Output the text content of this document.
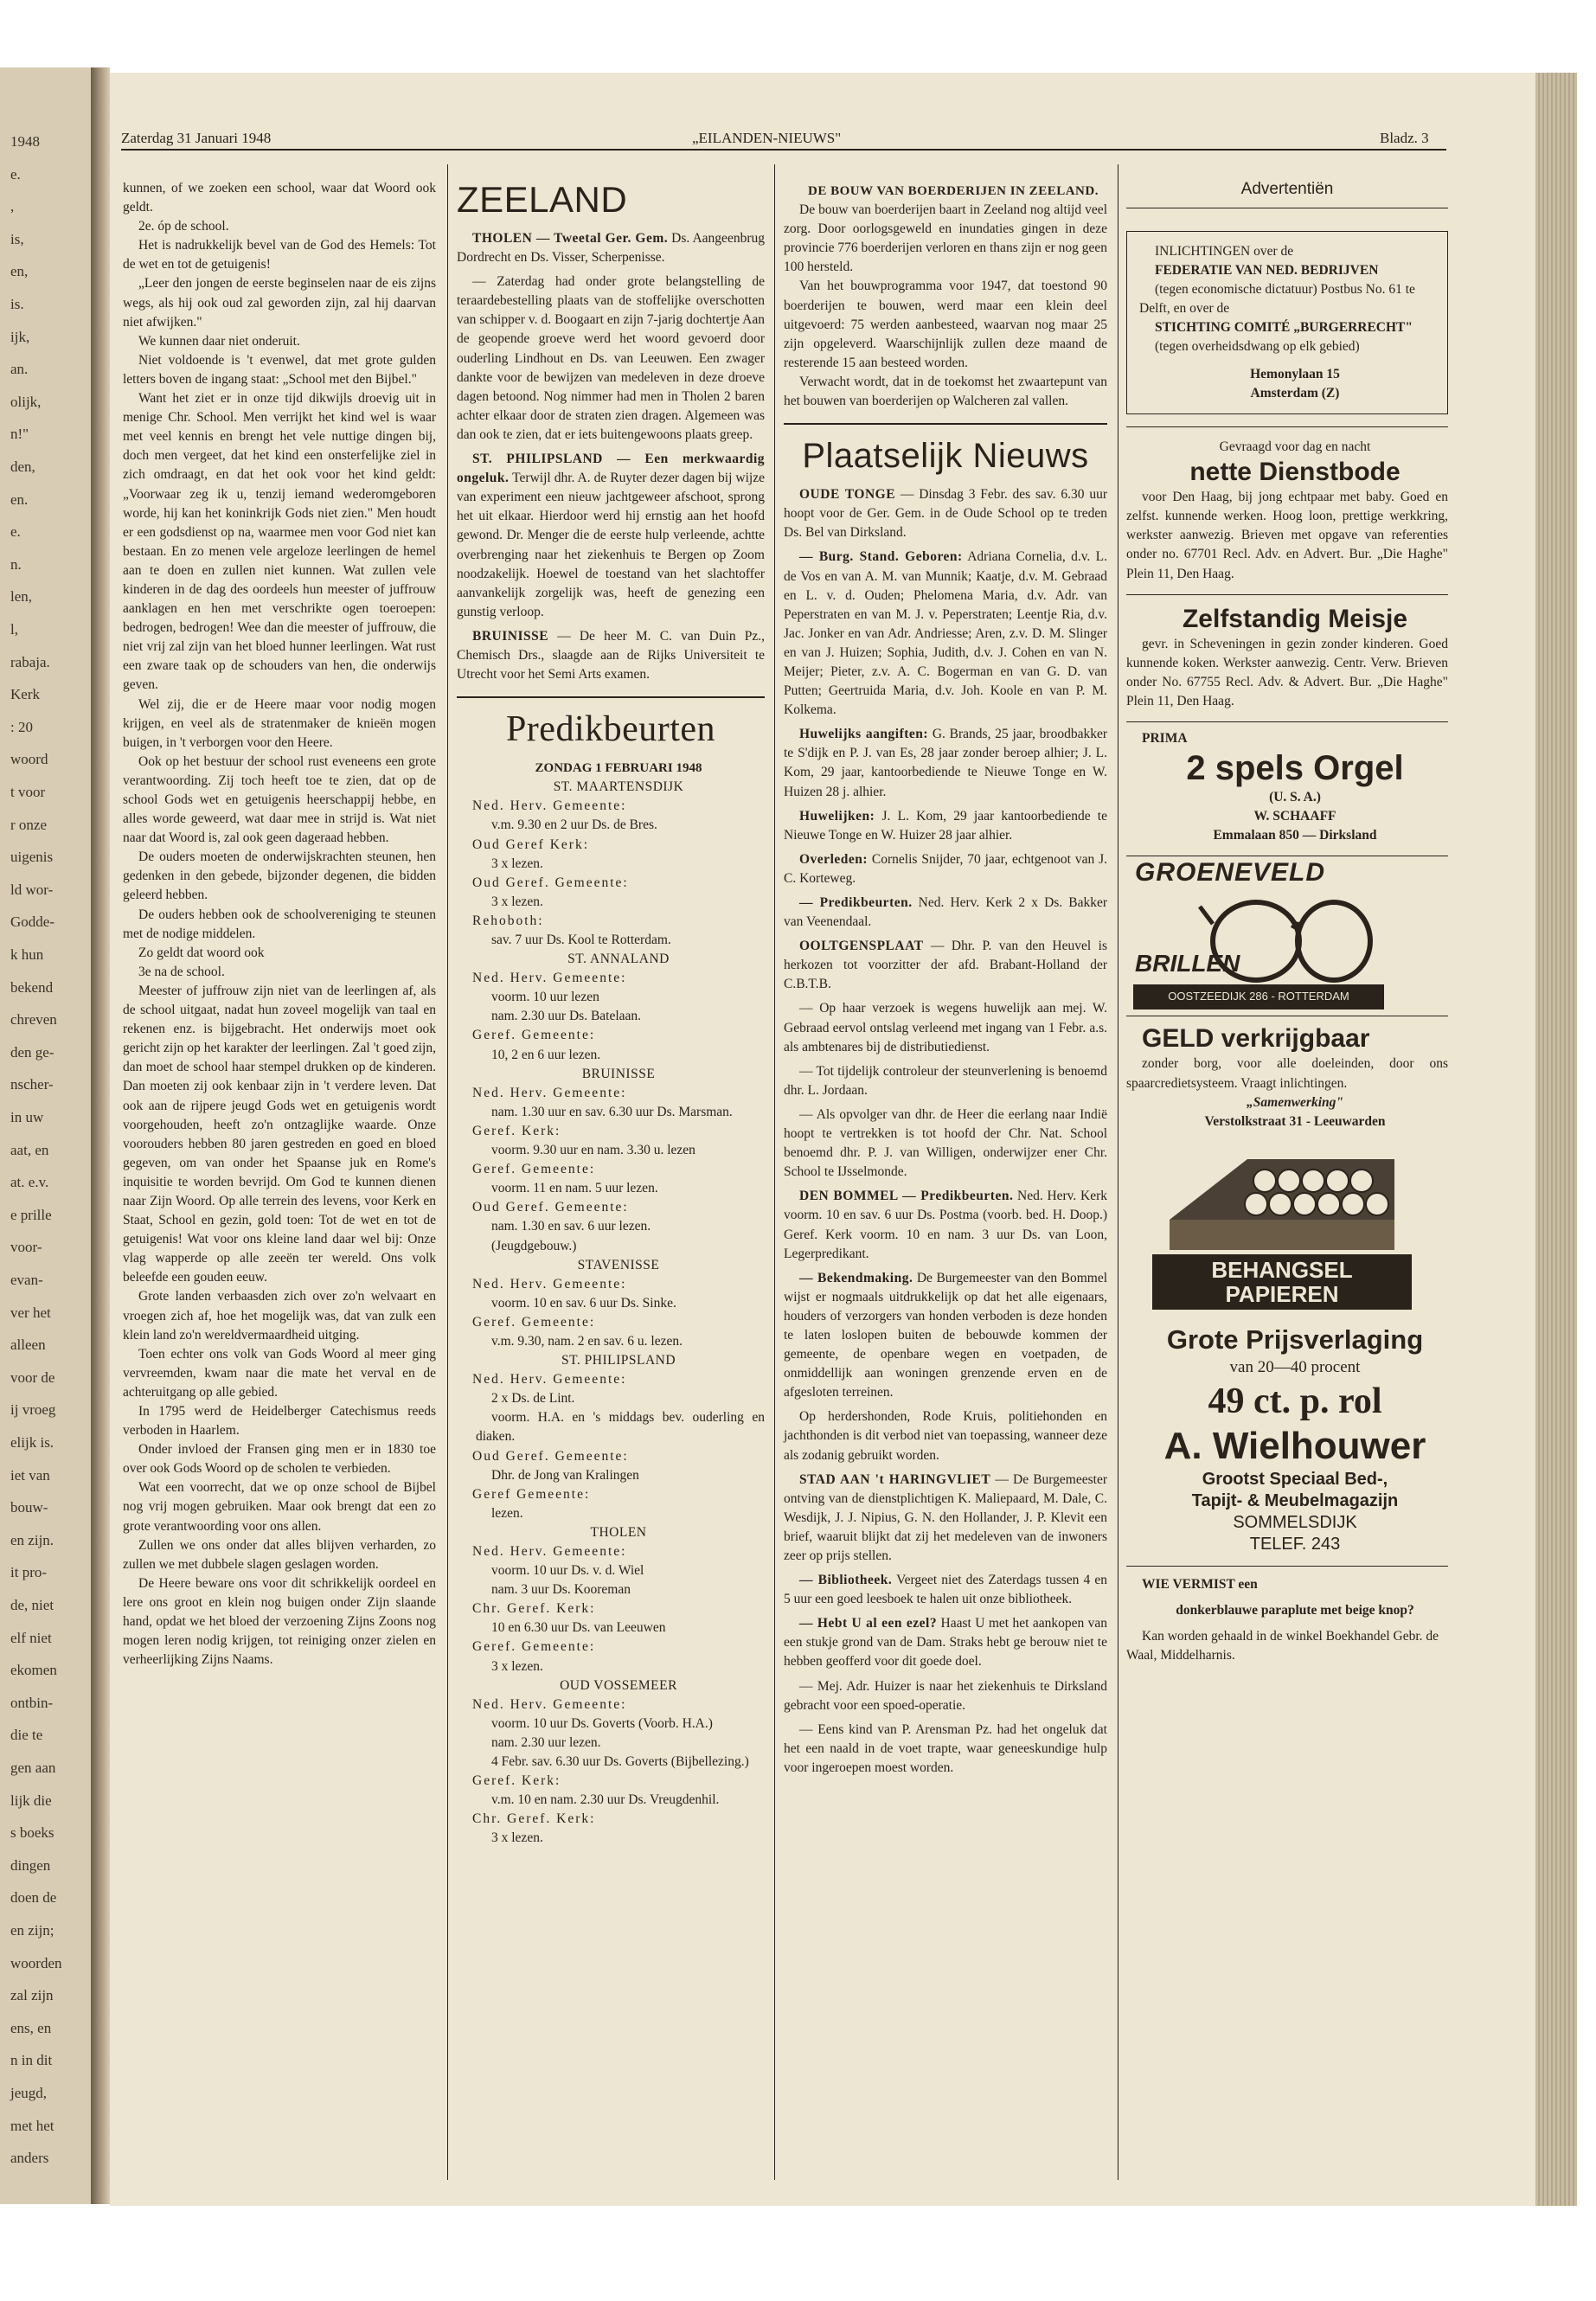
1948
e.
,
is,
en,
is.
ijk,
an.
olijk,
n!"
den,
en.
e.
n.
len,
l,
rabaja.
Kerk
: 20
woord
t voor
r onze
uigenis
ld wor-
Godde-
k hun
bekend
chreven
den ge-
nscher-
in uw
aat, en
at. e.v.
e prille
voor-
evan-
ver het
alleen
voor de
ij vroeg
elijk is.
iet van
bouw-
en zijn.
it pro-
de, niet
elf niet
ekomen
ontbin-
die te
gen aan
lijk die
s boeks
dingen
doen de
en zijn;
woorden
zal zijn
ens, en
n in dit
jeugd,
met het
anders
Zaterdag 31 Januari 1948	„EILANDEN-NIEUWS"	Bladz. 3

kunnen, of we zoeken een school, waar dat Woord ook geldt.

2e. óp de school.

Het is nadrukkelijk bevel van de God des Hemels: Tot de wet en tot de getuigenis!

„Leer den jongen de eerste beginselen naar de eis zijns wegs, als hij ook oud zal geworden zijn, zal hij daarvan niet afwijken."

We kunnen daar niet onderuit.

Niet voldoende is 't evenwel, dat met grote gulden letters boven de ingang staat: „School met den Bijbel."

Want het ziet er in onze tijd dikwijls droevig uit in menige Chr. School. Men verrijkt het kind wel is waar met veel kennis en brengt het vele nuttige dingen bij, doch men vergeet, dat het kind een onsterfelijke ziel in zich omdraagt, en dat het ook voor het kind geldt: „Voorwaar zeg ik u, tenzij iemand wederomgeboren worde, hij kan het koninkrijk Gods niet zien." Men houdt er een godsdienst op na, waarmee men voor God niet kan bestaan. En zo menen vele argeloze leerlingen de hemel aan te doen en zullen niet kunnen. Wat zullen vele kinderen in de dag des oordeels hun meester of juffrouw aanklagen en hen met verschrikte ogen toeroepen: bedrogen, bedrogen! Wee dan die meester of juffrouw, die niet vrij zal zijn van het bloed hunner leerlingen. Wat rust een zware taak op de schouders van hen, die onderwijs geven.

Wel zij, die er de Heere maar voor nodig mogen krijgen, en veel als de stratenmaker de knieën mogen buigen, in 't verborgen voor den Heere.

Ook op het bestuur der school rust eveneens een grote verantwoording. Zij toch heeft toe te zien, dat op de school Gods wet en getuigenis heerschappij hebbe, en alles worde geweerd, wat daar mee in strijd is. Wat niet naar dat Woord is, zal ook geen dageraad hebben.

De ouders moeten de onderwijskrachten steunen, hen gedenken in den gebede, bijzonder degenen, die bidden geleerd hebben.

De ouders hebben ook de schoolvereniging te steunen met de nodige middelen.

Zo geldt dat woord ook

3e na de school.

Meester of juffrouw zijn niet van de leerlingen af, als de school uitgaat, nadat hun zoveel mogelijk van taal en rekenen enz. is bijgebracht. Het onderwijs moet ook gericht zijn op het karakter der leerlingen. Zal 't goed zijn, dan moet de school haar stempel drukken op de kinderen. Dan moeten zij ook kenbaar zijn in 't verdere leven. Dat ook aan de rijpere jeugd Gods wet en getuigenis wordt voorgehouden, heeft zo'n ontzaglijke waarde. Onze voorouders hebben 80 jaren gestreden en goed en bloed gegeven, om van onder het Spaanse juk en Rome's inquisitie te worden bevrijd. Om God te kunnen dienen naar Zijn Woord. Op alle terrein des levens, voor Kerk en Staat, School en gezin, gold toen: Tot de wet en tot de getuigenis! Wat voor ons kleine land daar wel bij: Onze vlag wapperde op alle zeeën ter wereld. Ons volk beleefde een gouden eeuw.

Grote landen verbaasden zich over zo'n welvaart en vroegen zich af, hoe het mogelijk was, dat van zulk een klein land zo'n wereldvermaardheid uitging.

Toen echter ons volk van Gods Woord al meer ging vervreemden, kwam naar die mate het verval en de achteruitgang op alle gebied.

In 1795 werd de Heidelberger Catechismus reeds verboden in Haarlem.

Onder invloed der Fransen ging men er in 1830 toe over ook Gods Woord op de scholen te verbieden.

Wat een voorrecht, dat we op onze school de Bijbel nog vrij mogen gebruiken. Maar ook brengt dat een zo grote verantwoording voor ons allen.

Zullen we ons onder dat alles blijven verharden, zo zullen we met dubbele slagen geslagen worden.

De Heere beware ons voor dit schrikkelijk oordeel en lere ons groot en klein nog buigen onder Zijn slaande hand, opdat we het bloed der verzoening Zijns Zoons nog mogen leren nodig krijgen, tot reiniging onzer zielen en verheerlijking Zijns Naams.

ZEELAND

THOLEN — Tweetal Ger. Gem. Ds. Aangeenbrug Dordrecht en Ds. Visser, Scherpenisse.

— Zaterdag had onder grote belangstelling de teraardebestelling plaats van de stoffelijke overschotten van schipper v. d. Boogaart en zijn 7-jarig dochtertje Aan de geopende groeve werd het woord gevoerd door ouderling Lindhout en Ds. van Leeuwen. Een zwager dankte voor de bewijzen van medeleven in deze droeve dagen betoond. Nog nimmer had men in Tholen 2 baren achter elkaar door de straten zien dragen. Algemeen was dan ook te zien, dat er iets buitengewoons plaats greep.

ST. PHILIPSLAND — Een merkwaardig ongeluk. Terwijl dhr. A. de Ruyter dezer dagen bij wijze van experiment een nieuw jachtgeweer afschoot, sprong het uit elkaar. Hierdoor werd hij ernstig aan het hoofd gewond. Dr. Menger die de eerste hulp verleende, achtte overbrenging naar het ziekenhuis te Bergen op Zoom noodzakelijk. Hoewel de toestand van het slachtoffer aanvankelijk zorgelijk was, heeft de genezing een gunstig verloop.

BRUINISSE — De heer M. C. van Duin Pz., Chemisch Drs., slaagde aan de Rijks Universiteit te Utrecht voor het Semi Arts examen.

Predikbeurten

ZONDAG 1 FEBRUARI 1948

ST. MAARTENSDIJK

Ned. Herv. Gemeente:

v.m. 9.30 en 2 uur Ds. de Bres.

Oud Geref Kerk:

3 x lezen.

Oud Geref. Gemeente:

3 x lezen.

Rehoboth:

sav. 7 uur Ds. Kool te Rotterdam.

ST. ANNALAND

Ned. Herv. Gemeente:

voorm. 10 uur lezen

nam. 2.30 uur Ds. Batelaan.

Geref. Gemeente:

10, 2 en 6 uur lezen.

BRUINISSE

Ned. Herv. Gemeente:

nam. 1.30 uur en sav. 6.30 uur Ds. Marsman.

Geref. Kerk:

voorm. 9.30 uur en nam. 3.30 u. lezen

Geref. Gemeente:

voorm. 11 en nam. 5 uur lezen.

Oud Geref. Gemeente:

nam. 1.30 en sav. 6 uur lezen.

(Jeugdgebouw.)

STAVENISSE

Ned. Herv. Gemeente:

voorm. 10 en sav. 6 uur Ds. Sinke.

Geref. Gemeente:

v.m. 9.30, nam. 2 en sav. 6 u. lezen.

ST. PHILIPSLAND

Ned. Herv. Gemeente:

2 x Ds. de Lint.

voorm. H.A. en 's middags bev. ouderling en diaken.

Oud Geref. Gemeente:

Dhr. de Jong van Kralingen

Geref Gemeente:

lezen.

THOLEN

Ned. Herv. Gemeente:

voorm. 10 uur Ds. v. d. Wiel

nam. 3 uur Ds. Kooreman

Chr. Geref. Kerk:

10 en 6.30 uur Ds. van Leeuwen

Geref. Gemeente:

3 x lezen.

OUD VOSSEMEER

Ned. Herv. Gemeente:

voorm. 10 uur Ds. Goverts (Voorb. H.A.)

nam. 2.30 uur lezen.

4 Febr. sav. 6.30 uur Ds. Goverts (Bijbellezing.)

Geref. Kerk:

v.m. 10 en nam. 2.30 uur Ds. Vreugdenhil.

Chr. Geref. Kerk:

3 x lezen.

DE BOUW VAN BOERDERIJEN IN ZEELAND.

De bouw van boerderijen baart in Zeeland nog altijd veel zorg. Door oorlogsgeweld en inundaties gingen in deze provincie 776 boerderijen verloren en thans zijn er nog geen 100 hersteld.

Van het bouwprogramma voor 1947, dat toestond 90 boerderijen te bouwen, werd maar een klein deel uitgevoerd: 75 werden aanbesteed, waarvan nog maar 25 zijn opgeleverd. Waarschijnlijk zullen deze maand de resterende 15 aan besteed worden.

Verwacht wordt, dat in de toekomst het zwaartepunt van het bouwen van boerderijen op Walcheren zal vallen.

Plaatselijk Nieuws

OUDE TONGE — Dinsdag 3 Febr. des sav. 6.30 uur hoopt voor de Ger. Gem. in de Oude School op te treden Ds. Bel van Dirksland.

— Burg. Stand. Geboren: Adriana Cornelia, d.v. L. de Vos en van A. M. van Munnik; Kaatje, d.v. M. Gebraad en L. v. d. Ouden; Phelomena Maria, d.v. Adr. van Peperstraten en van M. J. v. Peperstraten; Leentje Ria, d.v. Jac. Jonker en van Adr. Andriesse; Aren, z.v. D. M. Slinger en van J. Huizen; Sophia, Judith, d.v. J. Cohen en van N. Meijer; Pieter, z.v. A. C. Bogerman en van G. D. van Putten; Geertruida Maria, d.v. Joh. Koole en van P. M. Kolkema.

Huwelijks aangiften: G. Brands, 25 jaar, broodbakker te S'dijk en P. J. van Es, 28 jaar zonder beroep alhier; J. L. Kom, 29 jaar, kantoorbediende te Nieuwe Tonge en W. Huizen 28 j. alhier.

Huwelijken: J. L. Kom, 29 jaar kantoorbediende te Nieuwe Tonge en W. Huizer 28 jaar alhier.

Overleden: Cornelis Snijder, 70 jaar, echtgenoot van J. C. Korteweg.

— Predikbeurten. Ned. Herv. Kerk 2 x Ds. Bakker van Veenendaal.

OOLTGENSPLAAT — Dhr. P. van den Heuvel is herkozen tot voorzitter der afd. Brabant-Holland der C.B.T.B.

— Op haar verzoek is wegens huwelijk aan mej. W. Gebraad eervol ontslag verleend met ingang van 1 Febr. a.s. als ambtenares bij de distributiedienst.

— Tot tijdelijk controleur der steunverlening is benoemd dhr. L. Jordaan.

— Als opvolger van dhr. de Heer die eerlang naar Indië hoopt te vertrekken is tot hoofd der Chr. Nat. School benoemd dhr. P. J. van Willigen, onderwijzer ener Chr. School te IJsselmonde.

DEN BOMMEL — Predikbeurten. Ned. Herv. Kerk voorm. 10 en sav. 6 uur Ds. Postma (voorb. bed. H. Doop.) Geref. Kerk voorm. 10 en nam. 3 uur Ds. van Loon, Legerpredikant.

— Bekendmaking. De Burgemeester van den Bommel wijst er nogmaals uitdrukkelijk op dat het alle eigenaars, houders of verzorgers van honden verboden is deze honden te laten loslopen buiten de bebouwde kommen der gemeente, de openbare wegen en voetpaden, de onmiddellijk aan woningen grenzende erven en de afgesloten terreinen.

Op herdershonden, Rode Kruis, politiehonden en jachthonden is dit verbod niet van toepassing, wanneer deze als zodanig gebruikt worden.

STAD AAN 't HARINGVLIET — De Burgemeester ontving van de dienstplichtigen K. Maliepaard, M. Dale, C. Wesdijk, J. J. Nipius, G. N. den Hollander, J. P. Klevit een brief, waaruit blijkt dat zij het medeleven van de inwoners zeer op prijs stellen.

— Bibliotheek. Vergeet niet des Zaterdags tussen 4 en 5 uur een goed leesboek te halen uit onze bibliotheek.

— Hebt U al een ezel? Haast U met het aankopen van een stukje grond van de Dam. Straks hebt ge berouw niet te hebben geofferd voor dit goede doel.

— Mej. Adr. Huizer is naar het ziekenhuis te Dirksland gebracht voor een spoed-operatie.

— Eens kind van P. Arensman Pz. had het ongeluk dat het een naald in de voet trapte, waar geneeskundige hulp voor ingeroepen moest worden.

Advertentiën

INLICHTINGEN over de

FEDERATIE VAN NED. BEDRIJVEN

(tegen economische dictatuur) Postbus No. 61 te Delft, en over de

STICHTING COMITÉ „BURGERRECHT"

(tegen overheidsdwang op elk gebied)

Hemonylaan 15

Amsterdam (Z)

Gevraagd voor dag en nacht

nette Dienstbode

voor Den Haag, bij jong echtpaar met baby. Goed en zelfst. kunnende werken. Hoog loon, prettige werkkring, werkster aanwezig. Brieven met opgave van referenties onder no. 67701 Recl. Adv. en Advert. Bur. „Die Haghe" Plein 11, Den Haag.

Zelfstandig Meisje

gevr. in Scheveningen in gezin zonder kinderen. Goed kunnende koken. Werkster aanwezig. Centr. Verw. Brieven onder No. 67755 Recl. Adv. & Advert. Bur. „Die Haghe" Plein 11, Den Haag.

PRIMA

2 spels Orgel

(U. S. A.)

W. SCHAAFF

Emmalaan 850 — Dirksland

GROENEVELD
BRILLEN
OOSTZEEDIJK 286 - ROTTERDAM

GELD verkrijgbaar

zonder borg, voor alle doeleinden, door ons spaarcredietsysteem. Vraagt inlichtingen.

„Samenwerking"

Verstolkstraat 31 - Leeuwarden

BEHANGSEL
PAPIEREN

Grote Prijsverlaging

van 20—40 procent

49 ct. p. rol

A. Wielhouwer

Grootst Speciaal Bed-,

Tapijt- & Meubelmagazijn

SOMMELSDIJK

TELEF. 243

WIE VERMIST een

donkerblauwe paraplute met beige knop?

Kan worden gehaald in de winkel Boekhandel Gebr. de Waal, Middelharnis.
